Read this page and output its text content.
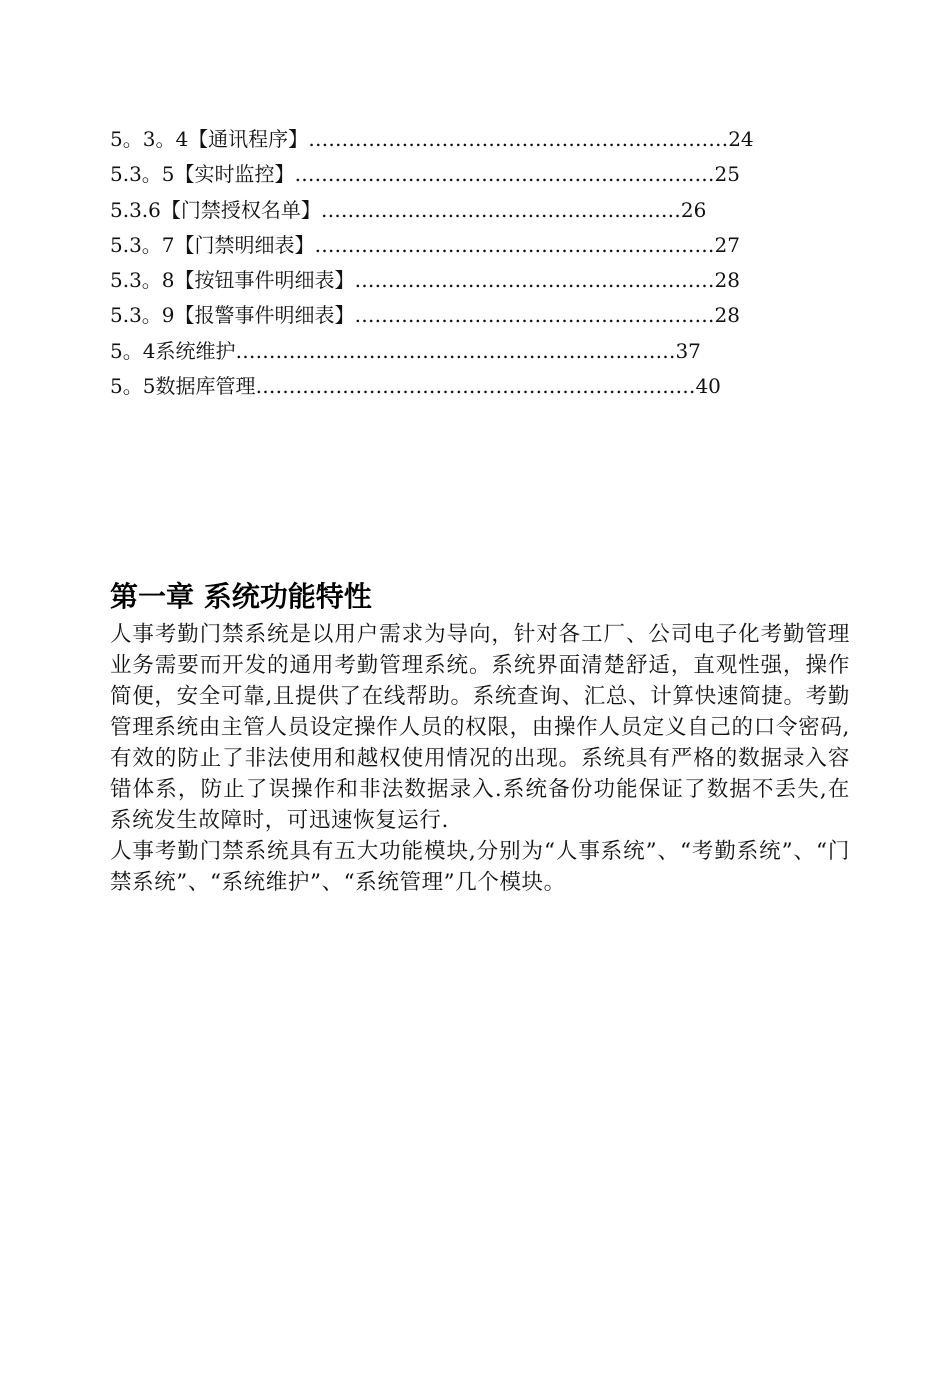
5。3。4【通讯程序】………………………………………………………24
5.3。5【实时监控】………………………………………………………25
5.3.6【门禁授权名单】………………………………………………26
5.3。7【门禁明细表】……………………………………………………27
5.3。8【按钮事件明细表】………………………………………………28
5.3。9【报警事件明细表】………………………………………………28
5。4系统维护…………………………………………………………37
5。5数据库管理…………………………………………………………40
第一章 系统功能特性

人事考勤门禁系统是以用户需求为导向，针对各工厂、公司电子化考勤管理业务需要而开发的通用考勤管理系统。系统界面清楚舒适，直观性强，操作简便，安全可靠,且提供了在线帮助。系统查询、汇总、计算快速简捷。考勤管理系统由主管人员设定操作人员的权限，由操作人员定义自己的口令密码,有效的防止了非法使用和越权使用情况的出现。系统具有严格的数据录入容错体系，防止了误操作和非法数据录入.系统备份功能保证了数据不丢失,在系统发生故障时，可迅速恢复运行.

人事考勤门禁系统具有五大功能模块,分别为“人事系统”、“考勤系统”、“门禁系统”、“系统维护”、“系统管理”几个模块。
